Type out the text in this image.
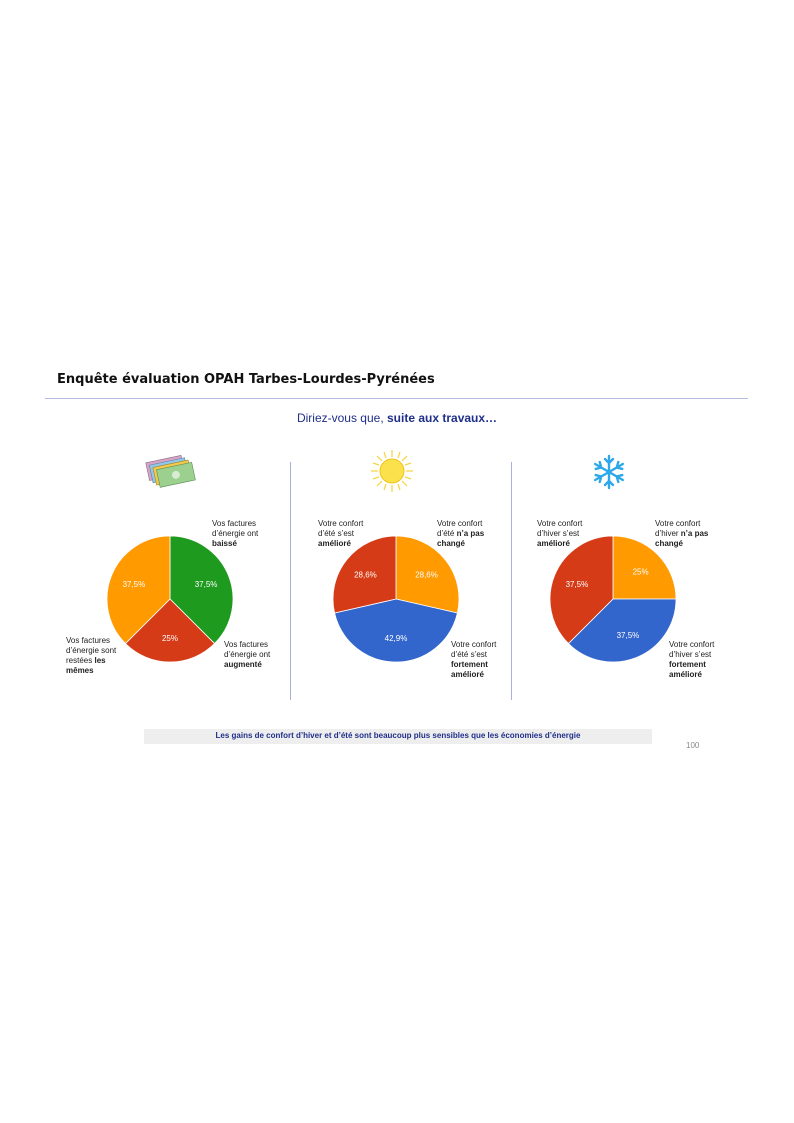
Enquête évaluation OPAH Tarbes-Lourdes-Pyrénées
Diriez-vous que, suite aux travaux…
37,5%
25%
37,5%
28,6%
42,9%
28,6%	25%
37,5%
37,5%
Vos factures d’énergie ont baissé
Vos factures d’énergie ont augmenté
Vos factures d’énergie sont restées les mêmes
Votre confort d’été n’a pas changé
Votre confort d’été s’est fortement amélioré
Votre confort d’été s’est amélioré
Votre confort d’hiver n’a pas changé
Votre confort d’hiver s’est fortement amélioré
Votre confort d’hiver s’est amélioré
Les gains de confort d’hiver et d’été sont beaucoup plus sensibles que les économies d’énergie
100
